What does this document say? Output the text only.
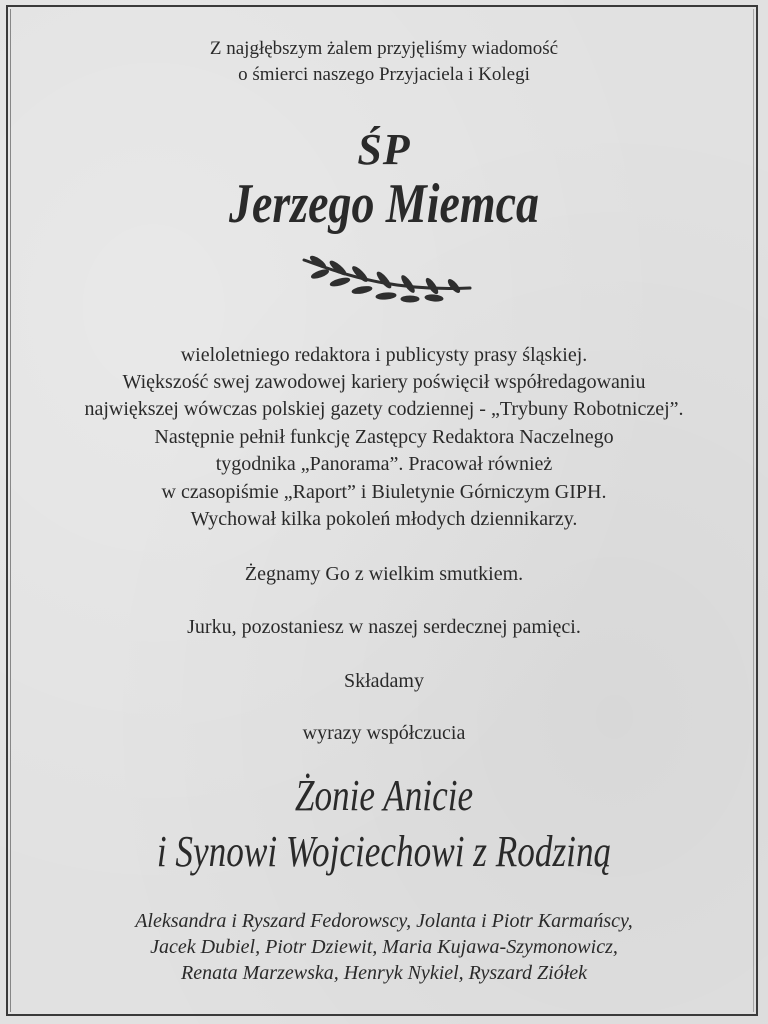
Z najgłębszym żalem przyjęliśmy wiadomość
o śmierci naszego Przyjaciela i Kolegi
ŚP
Jerzego Miemca
wieloletniego redaktora i publicysty prasy śląskiej.
Większość swej zawodowej kariery poświęcił współredagowaniu
największej wówczas polskiej gazety codziennej - „Trybuny Robotniczej”.
Następnie pełnił funkcję Zastępcy Redaktora Naczelnego
tygodnika „Panorama”. Pracował również
w czasopiśmie „Raport” i Biuletynie Górniczym GIPH.
Wychował kilka pokoleń młodych dziennikarzy.
Żegnamy Go z wielkim smutkiem.
Jurku, pozostaniesz w naszej serdecznej pamięci.
Składamy
wyrazy współczucia
Żonie Anicie
i Synowi Wojciechowi z Rodziną
Aleksandra i Ryszard Fedorowscy, Jolanta i Piotr Karmańscy,
Jacek Dubiel, Piotr Dziewit, Maria Kujawa-Szymonowicz,
Renata Marzewska, Henryk Nykiel, Ryszard Ziółek
